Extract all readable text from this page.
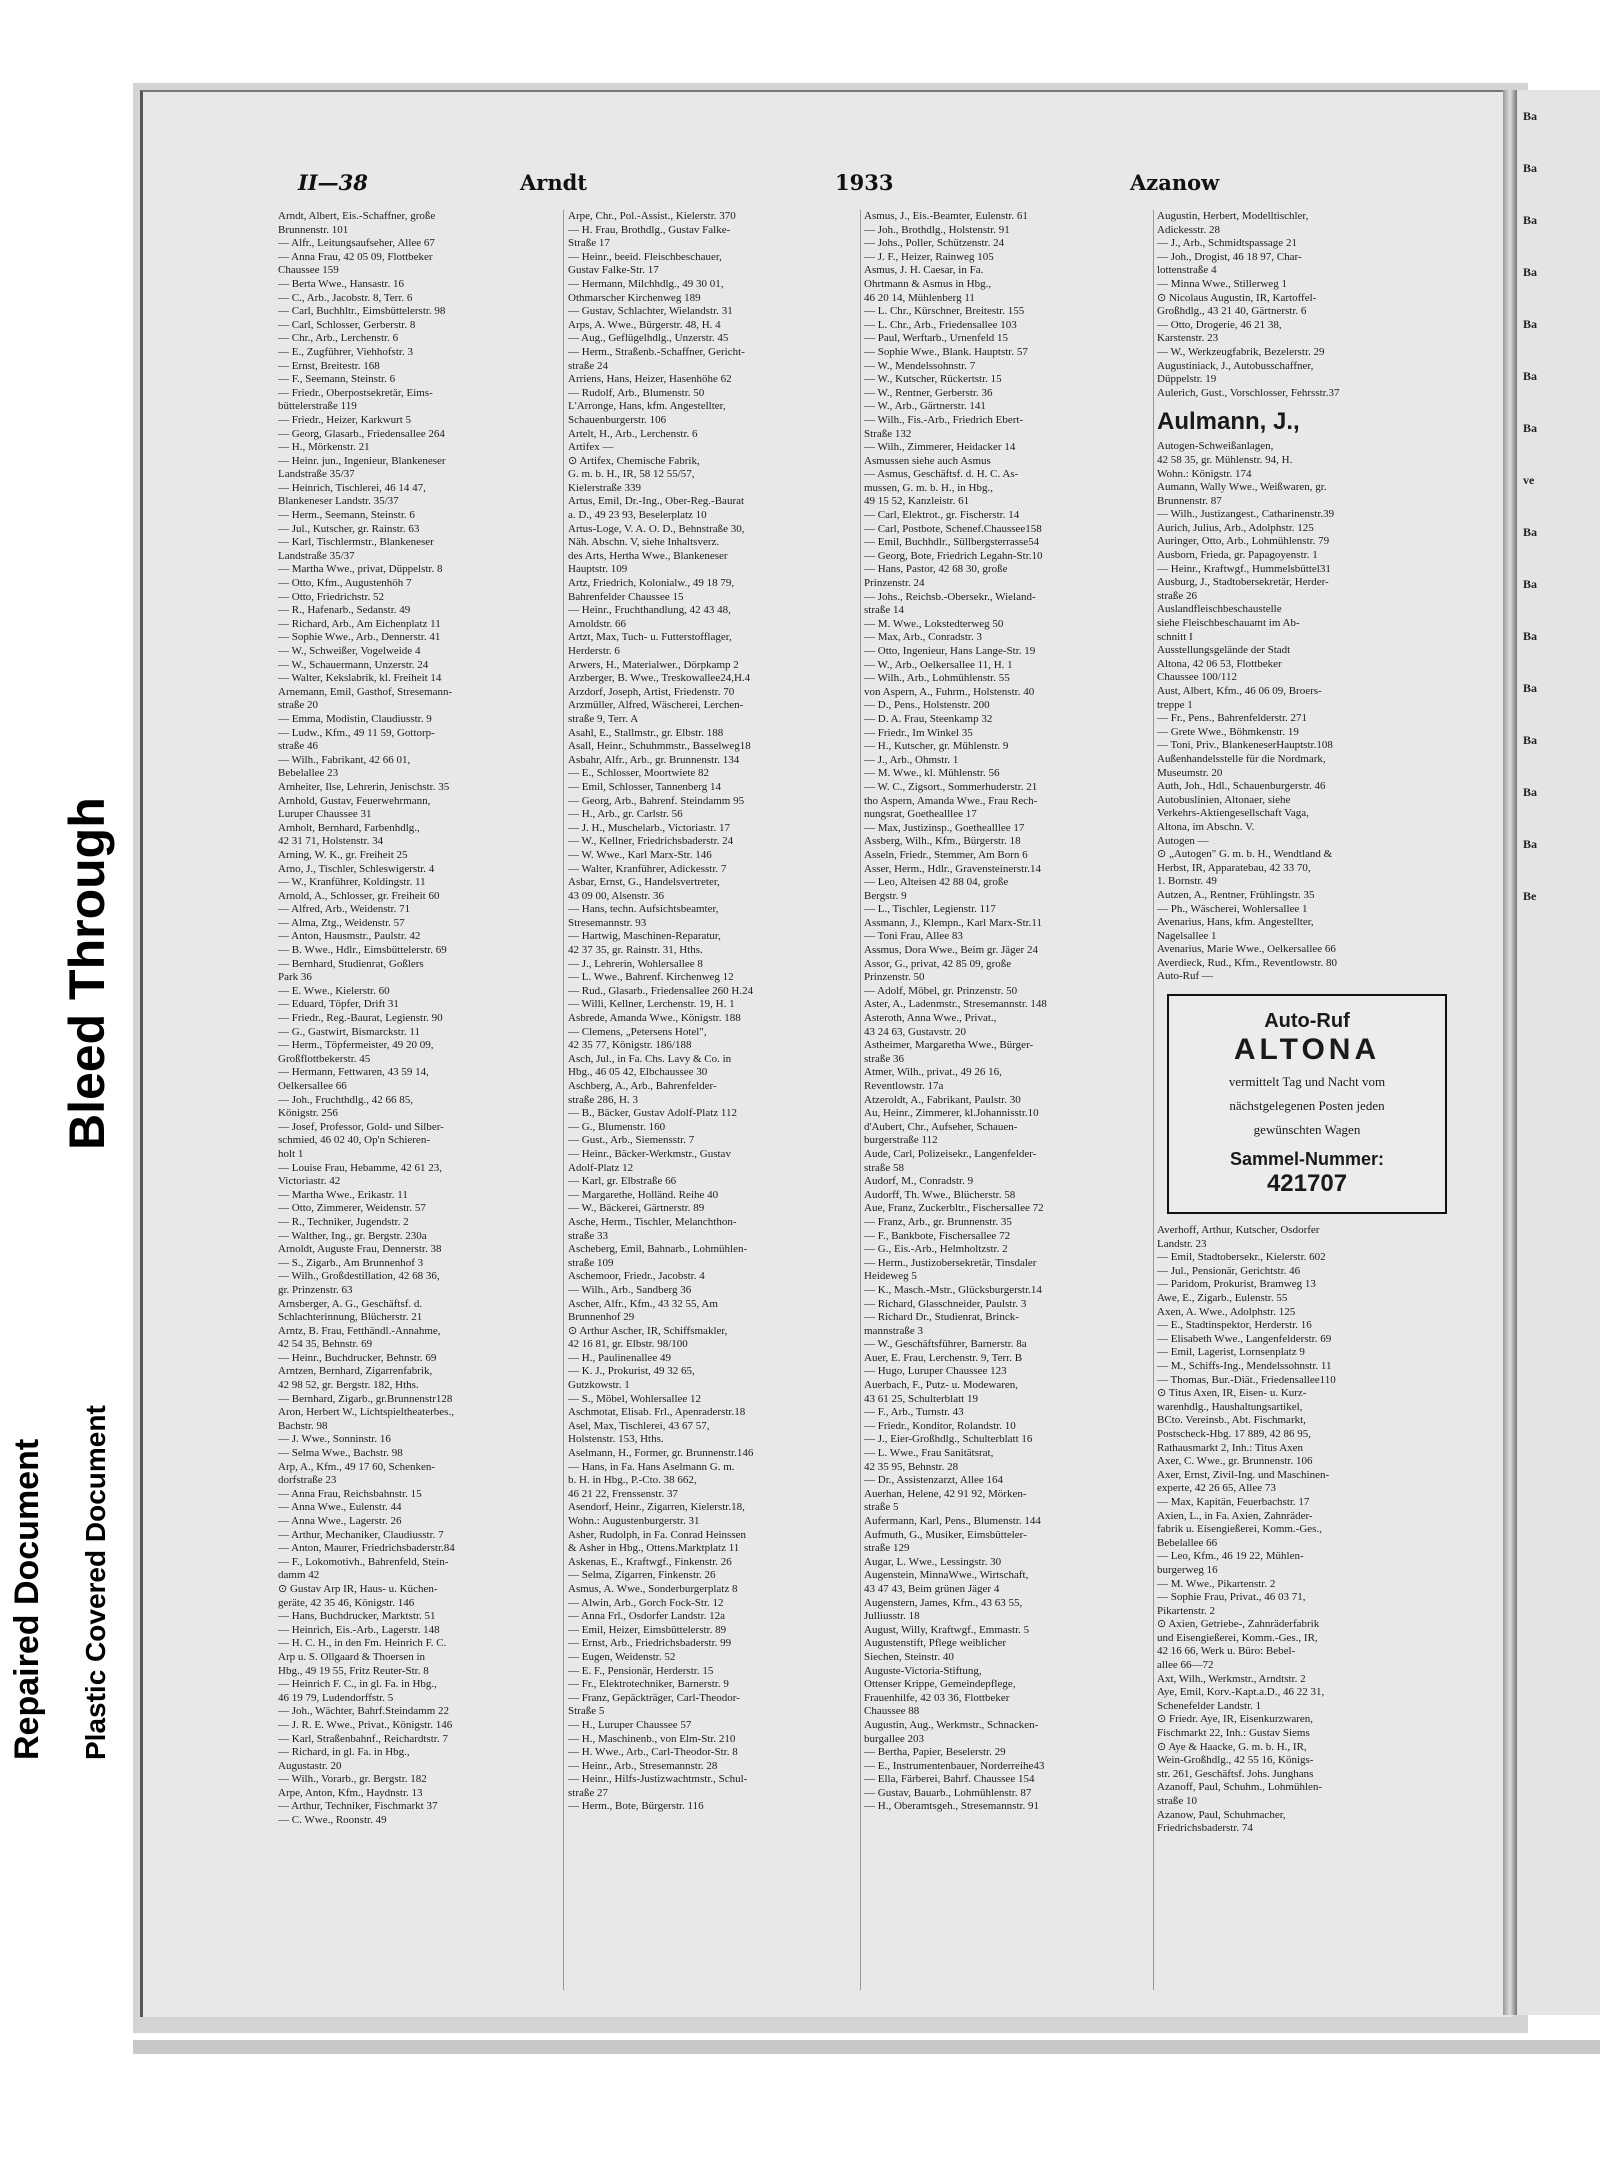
Ba
Ba
Ba
Ba
Ba
Ba
Ba
ve
Ba
Ba
Ba
Ba
Ba
Ba
Ba
Be
Repaired Document Plastic Covered Document
Bleed Through
II—38	Arndt	1933	Azanow
Arndt, Albert, Eis.-Schaffner, große
Brunnenstr. 101
— Alfr., Leitungsaufseher, Allee 67
— Anna Frau, 42 05 09, Flottbeker
Chaussee 159
— Berta Wwe., Hansastr. 16
— C., Arb., Jacobstr. 8, Terr. 6
— Carl, Buchhltr., Eimsbüttelerstr. 98
— Carl, Schlosser, Gerberstr. 8
— Chr., Arb., Lerchenstr. 6
— E., Zugführer, Viehhofstr. 3
— Ernst, Breitestr. 168
— F., Seemann, Steinstr. 6
— Friedr., Oberpostsekretär, Eims-
büttelerstraße 119
— Friedr., Heizer, Karkwurt 5
— Georg, Glasarb., Friedensallee 264
— H., Mörkenstr. 21
— Heinr. jun., Ingenieur, Blankeneser
Landstraße 35/37
— Heinrich, Tischlerei, 46 14 47,
Blankeneser Landstr. 35/37
— Herm., Seemann, Steinstr. 6
— Jul., Kutscher, gr. Rainstr. 63
— Karl, Tischlermstr., Blankeneser
Landstraße 35/37
— Martha Wwe., privat, Düppelstr. 8
— Otto, Kfm., Augustenhöh 7
— Otto, Friedrichstr. 52
— R., Hafenarb., Sedanstr. 49
— Richard, Arb., Am Eichenplatz 11
— Sophie Wwe., Arb., Dennerstr. 41
— W., Schweißer, Vogelweide 4
— W., Schauermann, Unzerstr. 24
— Walter, Kekslabrik, kl. Freiheit 14
Arnemann, Emil, Gasthof, Stresemann-
straße 20
— Emma, Modistin, Claudiusstr. 9
— Ludw., Kfm., 49 11 59, Gottorp-
straße 46
— Wilh., Fabrikant, 42 66 01,
Bebelallee 23
Arnheiter, Ilse, Lehrerin, Jenischstr. 35
Arnhold, Gustav, Feuerwehrmann,
Luruper Chaussee 31
Arnholt, Bernhard, Farbenhdlg.,
42 31 71, Holstenstr. 34
Arning, W. K., gr. Freiheit 25
Arno, J., Tischler, Schleswigerstr. 4
— W., Kranführer, Koldingstr. 11
Arnold, A., Schlosser, gr. Freiheit 60
— Alfred, Arb., Weidenstr. 71
— Alma, Ztg., Weidenstr. 57
— Anton, Hausmstr., Paulstr. 42
— B. Wwe., Hdlr., Eimsbüttelerstr. 69
— Bernhard, Studienrat, Goßlers
Park 36
— E. Wwe., Kielerstr. 60
— Eduard, Töpfer, Drift 31
— Friedr., Reg.-Baurat, Legienstr. 90
— G., Gastwirt, Bismarckstr. 11
— Herm., Töpfermeister, 49 20 09,
Großflottbekerstr. 45
— Hermann, Fettwaren, 43 59 14,
Oelkersallee 66
— Joh., Fruchthdlg., 42 66 85,
Königstr. 256
— Josef, Professor, Gold- und Silber-
schmied, 46 02 40, Op'n Schieren-
holt 1
— Louise Frau, Hebamme, 42 61 23,
Victoriastr. 42
— Martha Wwe., Erikastr. 11
— Otto, Zimmerer, Weidenstr. 57
— R., Techniker, Jugendstr. 2
— Walther, Ing., gr. Bergstr. 230a
Arnoldt, Auguste Frau, Dennerstr. 38
— S., Zigarb., Am Brunnenhof 3
— Wilh., Großdestillation, 42 68 36,
gr. Prinzenstr. 63
Arnsberger, A. G., Geschäftsf. d.
Schlachterinnung, Blücherstr. 21
Arntz, B. Frau, Fetthändl.-Annahme,
42 54 35, Behnstr. 69
— Heinr., Buchdrucker, Behnstr. 69
Arntzen, Bernhard, Zigarrenfabrik,
42 98 52, gr. Bergstr. 182, Hths.
— Bernhard, Zigarb., gr.Brunnenstr128
Aron, Herbert W., Lichtspieltheaterbes.,
Bachstr. 98
— J. Wwe., Sonninstr. 16
— Selma Wwe., Bachstr. 98
Arp, A., Kfm., 49 17 60, Schenken-
dorfstraße 23
— Anna Frau, Reichsbahnstr. 15
— Anna Wwe., Eulenstr. 44
— Anna Wwe., Lagerstr. 26
— Arthur, Mechaniker, Claudiusstr. 7
— Anton, Maurer, Friedrichsbaderstr.84
— F., Lokomotivh., Bahrenfeld, Stein-
damm 42
⊙ Gustav Arp IR, Haus- u. Küchen-
geräte, 42 35 46, Königstr. 146
— Hans, Buchdrucker, Marktstr. 51
— Heinrich, Eis.-Arb., Lagerstr. 148
— H. C. H., in den Fm. Heinrich F. C.
Arp u. S. Ollgaard & Thoersen in
Hbg., 49 19 55, Fritz Reuter-Str. 8
— Heinrich F. C., in gl. Fa. in Hbg.,
46 19 79, Ludendorffstr. 5
— Joh., Wächter, Bahrf.Steindamm 22
— J. R. E. Wwe., Privat., Königstr. 146
— Karl, Straßenbahnf., Reichardtstr. 7
— Richard, in gl. Fa. in Hbg.,
Augustastr. 20
— Wilh., Vorarb., gr. Bergstr. 182
Arpe, Anton, Kfm., Haydnstr. 13
— Arthur, Techniker, Fischmarkt 37
— C. Wwe., Roonstr. 49
Arpe, Chr., Pol.-Assist., Kielerstr. 370
— H. Frau, Brothdlg., Gustav Falke-
Straße 17
— Heinr., beeid. Fleischbeschauer,
Gustav Falke-Str. 17
— Hermann, Milchhdlg., 49 30 01,
Othmarscher Kirchenweg 189
— Gustav, Schlachter, Wielandstr. 31
Arps, A. Wwe., Bürgerstr. 48, H. 4
— Aug., Geflügelhdlg., Unzerstr. 45
— Herm., Straßenb.-Schaffner, Gericht-
straße 24
Arriens, Hans, Heizer, Hasenhöhe 62
— Rudolf, Arb., Blumenstr. 50
L'Arronge, Hans, kfm. Angestellter,
Schauenburgerstr. 106
Artelt, H., Arb., Lerchenstr. 6
Artifex —
⊙ Artifex, Chemische Fabrik,
G. m. b. H., IR, 58 12 55/57,
Kielerstraße 339
Artus, Emil, Dr.-Ing., Ober-Reg.-Baurat
a. D., 49 23 93, Beselerplatz 10
Artus-Loge, V. A. O. D., Behnstraße 30,
Näh. Abschn. V, siehe Inhaltsverz.
des Arts, Hertha Wwe., Blankeneser
Hauptstr. 109
Artz, Friedrich, Kolonialw., 49 18 79,
Bahrenfelder Chaussee 15
— Heinr., Fruchthandlung, 42 43 48,
Arnoldstr. 66
Artzt, Max, Tuch- u. Futterstofflager,
Herderstr. 6
Arwers, H., Materialwer., Dörpkamp 2
Arzberger, B. Wwe., Treskowallee24,H.4
Arzdorf, Joseph, Artist, Friedenstr. 70
Arzmüller, Alfred, Wäscherei, Lerchen-
straße 9, Terr. A
Asahl, E., Stallmstr., gr. Elbstr. 188
Asall, Heinr., Schuhmmstr., Basselweg18
Asbahr, Alfr., Arb., gr. Brunnenstr. 134
— E., Schlosser, Moortwiete 82
— Emil, Schlosser, Tannenberg 14
— Georg, Arb., Bahrenf. Steindamm 95
— H., Arb., gr. Carlstr. 56
— J. H., Muschelarb., Victoriastr. 17
— W., Kellner, Friedrichsbaderstr. 24
— W. Wwe., Karl Marx-Str. 146
— Walter, Kranführer, Adickesstr. 7
Asbar, Ernst, G., Handelsvertreter,
43 09 00, Alsenstr. 36
— Hans, techn. Aufsichtsbeamter,
Stresemannstr. 93
— Hartwig, Maschinen-Reparatur,
42 37 35, gr. Rainstr. 31, Hths.
— J., Lehrerin, Wohlersallee 8
— L. Wwe., Bahrenf. Kirchenweg 12
— Rud., Glasarb., Friedensallee 260 H.24
— Willi, Kellner, Lerchenstr. 19, H. 1
Asbrede, Amanda Wwe., Königstr. 188
— Clemens, „Petersens Hotel",
42 35 77, Königstr. 186/188
Asch, Jul., in Fa. Chs. Lavy & Co. in
Hbg., 46 05 42, Elbchaussee 30
Aschberg, A., Arb., Bahrenfelder-
straße 286, H. 3
— B., Bäcker, Gustav Adolf-Platz 112
— G., Blumenstr. 160
— Gust., Arb., Siemensstr. 7
— Heinr., Bäcker-Werkmstr., Gustav
Adolf-Platz 12
— Karl, gr. Elbstraße 66
— Margarethe, Holländ. Reihe 40
— W., Bäckerei, Gärtnerstr. 89
Asche, Herm., Tischler, Melanchthon-
straße 33
Ascheberg, Emil, Bahnarb., Lohmühlen-
straße 109
Aschemoor, Friedr., Jacobstr. 4
— Wilh., Arb., Sandberg 36
Ascher, Alfr., Kfm., 43 32 55, Am
Brunnenhof 29
⊙ Arthur Ascher, IR, Schiffsmakler,
42 16 81, gr. Elbstr. 98/100
— H., Paulinenallee 49
— K. J., Prokurist, 49 32 65,
Gutzkowstr. 1
— S., Möbel, Wohlersallee 12
Aschmotat, Elisab. Frl., Apenraderstr.18
Asel, Max, Tischlerei, 43 67 57,
Holstenstr. 153, Hths.
Aselmann, H., Former, gr. Brunnenstr.146
— Hans, in Fa. Hans Aselmann G. m.
b. H. in Hbg., P.-Cto. 38 662,
46 21 22, Frenssenstr. 37
Asendorf, Heinr., Zigarren, Kielerstr.18,
Wohn.: Augustenburgerstr. 31
Asher, Rudolph, in Fa. Conrad Heinssen
& Asher in Hbg., Ottens.Marktplatz 11
Askenas, E., Kraftwgf., Finkenstr. 26
— Selma, Zigarren, Finkenstr. 26
Asmus, A. Wwe., Sonderburgerplatz 8
— Alwin, Arb., Gorch Fock-Str. 12
— Anna Frl., Osdorfer Landstr. 12a
— Emil, Heizer, Eimsbüttelerstr. 89
— Ernst, Arb., Friedrichsbaderstr. 99
— Eugen, Weidenstr. 52
— E. F., Pensionär, Herderstr. 15
— Fr., Elektrotechniker, Barnerstr. 9
— Franz, Gepäckträger, Carl-Theodor-
Straße 5
— H., Luruper Chaussee 57
— H., Maschinenb., von Elm-Str. 210
— H. Wwe., Arb., Carl-Theodor-Str. 8
— Heinr., Arb., Stresemannstr. 28
— Heinr., Hilfs-Justizwachtmstr., Schul-
straße 27
— Herm., Bote, Bürgerstr. 116
Asmus, J., Eis.-Beamter, Eulenstr. 61
— Joh., Brothdlg., Holstenstr. 91
— Johs., Poller, Schützenstr. 24
— J. F., Heizer, Rainweg 105
Asmus, J. H. Caesar, in Fa.
Ohrtmann & Asmus in Hbg.,
46 20 14, Mühlenberg 11
— L. Chr., Kürschner, Breitestr. 155
— L. Chr., Arb., Friedensallee 103
— Paul, Werftarb., Urnenfeld 15
— Sophie Wwe., Blank. Hauptstr. 57
— W., Mendelssohnstr. 7
— W., Kutscher, Rückertstr. 15
— W., Rentner, Gerberstr. 36
— W., Arb., Gärtnerstr. 141
— Wilh., Fis.-Arb., Friedrich Ebert-
Straße 132
— Wilh., Zimmerer, Heidacker 14
Asmussen siehe auch Asmus
— Asmus, Geschäftsf. d. H. C. As-
mussen, G. m. b. H., in Hbg.,
49 15 52, Kanzleistr. 61
— Carl, Elektrot., gr. Fischerstr. 14
— Carl, Postbote, Schenef.Chaussee158
— Emil, Buchhdlr., Süllbergsterrasse54
— Georg, Bote, Friedrich Legahn-Str.10
— Hans, Pastor, 42 68 30, große
Prinzenstr. 24
— Johs., Reichsb.-Obersekr., Wieland-
straße 14
— M. Wwe., Lokstedterweg 50
— Max, Arb., Conradstr. 3
— Otto, Ingenieur, Hans Lange-Str. 19
— W., Arb., Oelkersallee 11, H. 1
— Wilh., Arb., Lohmühlenstr. 55
von Aspern, A., Fuhrm., Holstenstr. 40
— D., Pens., Holstenstr. 200
— D. A. Frau, Steenkamp 32
— Friedr., Im Winkel 35
— H., Kutscher, gr. Mühlenstr. 9
— J., Arb., Ohmstr. 1
— M. Wwe., kl. Mühlenstr. 56
— W. C., Zigsort., Sommerhuderstr. 21
tho Aspern, Amanda Wwe., Frau Rech-
nungsrat, Goethealllee 17
— Max, Justizinsp., Goethealllee 17
Assberg, Wilh., Kfm., Bürgerstr. 18
Asseln, Friedr., Stemmer, Am Born 6
Asser, Herm., Hdlr., Gravensteinerstr.14
— Leo, Alteisen 42 88 04, große
Bergstr. 9
— L., Tischler, Legienstr. 117
Assmann, J., Klempn., Karl Marx-Str.11
— Toni Frau, Allee 83
Assmus, Dora Wwe., Beim gr. Jäger 24
Assor, G., privat, 42 85 09, große
Prinzenstr. 50
— Adolf, Möbel, gr. Prinzenstr. 50
Aster, A., Ladenmstr., Stresemannstr. 148
Asteroth, Anna Wwe., Privat.,
43 24 63, Gustavstr. 20
Astheimer, Margaretha Wwe., Bürger-
straße 36
Atmer, Wilh., privat., 49 26 16,
Reventlowstr. 17a
Atzeroldt, A., Fabrikant, Paulstr. 30
Au, Heinr., Zimmerer, kl.Johannisstr.10
d'Aubert, Chr., Aufseher, Schauen-
burgerstraße 112
Aude, Carl, Polizeisekr., Langenfelder-
straße 58
Audorf, M., Conradstr. 9
Audorff, Th. Wwe., Blücherstr. 58
Aue, Franz, Zuckerbltr., Fischersallee 72
— Franz, Arb., gr. Brunnenstr. 35
— F., Bankbote, Fischersallee 72
— G., Eis.-Arb., Helmholtzstr. 2
— Herm., Justizobersekretär, Tinsdaler
Heideweg 5
— K., Masch.-Mstr., Glücksburgerstr.14
— Richard, Glasschneider, Paulstr. 3
— Richard Dr., Studienrat, Brinck-
mannstraße 3
— W., Geschäftsführer, Barnerstr. 8a
Auer, E. Frau, Lerchenstr. 9, Terr. B
— Hugo, Luruper Chaussee 123
Auerbach, F., Putz- u. Modewaren,
43 61 25, Schulterblatt 19
— F., Arb., Turnstr. 43
— Friedr., Konditor, Rolandstr. 10
— J., Eier-Großhdlg., Schulterblatt 16
— L. Wwe., Frau Sanitätsrat,
42 35 95, Behnstr. 28
— Dr., Assistenzarzt, Allee 164
Auerhan, Helene, 42 91 92, Mörken-
straße 5
Aufermann, Karl, Pens., Blumenstr. 144
Aufmuth, G., Musiker, Eimsbütteler-
straße 129
Augar, L. Wwe., Lessingstr. 30
Augenstein, MinnaWwe., Wirtschaft,
43 47 43, Beim grünen Jäger 4
Augenstern, James, Kfm., 43 63 55,
Julliusstr. 18
August, Willy, Kraftwgf., Emmastr. 5
Augustenstift, Pflege weiblicher
Siechen, Steinstr. 40
Auguste-Victoria-Stiftung,
Ottenser Krippe, Gemeindepflege,
Frauenhilfe, 42 03 36, Flottbeker
Chaussee 88
Augustin, Aug., Werkmstr., Schnacken-
burgallee 203
— Bertha, Papier, Beselerstr. 29
— E., Instrumentenbauer, Norderreihe43
— Ella, Färberei, Bahrf. Chaussee 154
— Gustav, Bauarb., Lohmühlenstr. 87
— H., Oberamtsgeh., Stresemannstr. 91
Augustin, Herbert, Modelltischler,
Adickesstr. 28
— J., Arb., Schmidtspassage 21
— Joh., Drogist, 46 18 97, Char-
lottenstraße 4
— Minna Wwe., Stillerweg 1
⊙ Nicolaus Augustin, IR, Kartoffel-
Großhdlg., 43 21 40, Gärtnerstr. 6
— Otto, Drogerie, 46 21 38,
Karstenstr. 23
— W., Werkzeugfabrik, Bezelerstr. 29
Augustiniack, J., Autobusschaffner,
Düppelstr. 19
Aulerich, Gust., Vorschlosser, Fehrsstr.37
Aulmann, J.,
Autogen-Schweißanlagen,
42 58 35, gr. Mühlenstr. 94, H.
Wohn.: Königstr. 174
Aumann, Wally Wwe., Weißwaren, gr.
Brunnenstr. 87
— Wilh., Justizangest., Catharinenstr.39
Aurich, Julius, Arb., Adolphstr. 125
Auringer, Otto, Arb., Lohmühlenstr. 79
Ausborn, Frieda, gr. Papagoyenstr. 1
— Heinr., Kraftwgf., Hummelsbüttel31
Ausburg, J., Stadtobersekretär, Herder-
straße 26
Auslandfleischbeschaustelle
siehe Fleischbeschauamt im Ab-
schnitt I
Ausstellungsgelände der Stadt
Altona, 42 06 53, Flottbeker
Chaussee 100/112
Aust, Albert, Kfm., 46 06 09, Broers-
treppe 1
— Fr., Pens., Bahrenfelderstr. 271
— Grete Wwe., Böhmkenstr. 19
— Toni, Priv., BlankeneserHauptstr.108
Außenhandelsstelle für die Nordmark,
Museumstr. 20
Auth, Joh., Hdl., Schauenburgerstr. 46
Autobuslinien, Altonaer, siehe
Verkehrs-Aktiengesellschaft Vaga,
Altona, im Abschn. V.
Autogen —
⊙ „Autogen" G. m. b. H., Wendtland &
Herbst, IR, Apparatebau, 42 33 70,
1. Bornstr. 49
Autzen, A., Rentner, Frühlingstr. 35
— Ph., Wäscherei, Wohlersallee 1
Avenarius, Hans, kfm. Angestellter,
Nagelsallee 1
Avenarius, Marie Wwe., Oelkersallee 66
Averdieck, Rud., Kfm., Reventlowstr. 80
Auto-Ruf —
Auto-Ruf
ALTONA
vermittelt Tag und Nacht vom
nächstgelegenen Posten jeden
gewünschten Wagen
Sammel-Nummer:
421707
Averhoff, Arthur, Kutscher, Osdorfer
Landstr. 23
— Emil, Stadtobersekr., Kielerstr. 602
— Jul., Pensionär, Gerichtstr. 46
— Paridom, Prokurist, Bramweg 13
Awe, E., Zigarb., Eulenstr. 55
Axen, A. Wwe., Adolphstr. 125
— E., Stadtinspektor, Herderstr. 16
— Elisabeth Wwe., Langenfelderstr. 69
— Emil, Lagerist, Lornsenplatz 9
— M., Schiffs-Ing., Mendelssohnstr. 11
— Thomas, Bur.-Diät., Friedensallee110
⊙ Titus Axen, IR, Eisen- u. Kurz-
warenhdlg., Haushaltungsartikel,
BCto. Vereinsb., Abt. Fischmarkt,
Postscheck-Hbg. 17 889, 42 86 95,
Rathausmarkt 2, Inh.: Titus Axen
Axer, C. Wwe., gr. Brunnenstr. 106
Axer, Ernst, Zivil-Ing. und Maschinen-
experte, 42 26 65, Allee 73
— Max, Kapitän, Feuerbachstr. 17
Axien, L., in Fa. Axien, Zahnräder-
fabrik u. Eisengießerei, Komm.-Ges.,
Bebelallee 66
— Leo, Kfm., 46 19 22, Mühlen-
burgerweg 16
— M. Wwe., Pikartenstr. 2
— Sophie Frau, Privat., 46 03 71,
Pikartenstr. 2
⊙ Axien, Getriebe-, Zahnräderfabrik
und Eisengießerei, Komm.-Ges., IR,
42 16 66, Werk u. Büro: Bebel-
allee 66—72
Axt, Wilh., Werkmstr., Arndtstr. 2
Aye, Emil, Korv.-Kapt.a.D., 46 22 31,
Schenefelder Landstr. 1
⊙ Friedr. Aye, IR, Eisenkurzwaren,
Fischmarkt 22, Inh.: Gustav Siems
⊙ Aye & Haacke, G. m. b. H., IR,
Wein-Großhdlg., 42 55 16, Königs-
str. 261, Geschäftsf. Johs. Junghans
Azanoff, Paul, Schuhm., Lohmühlen-
straße 10
Azanow, Paul, Schuhmacher,
Friedrichsbaderstr. 74
